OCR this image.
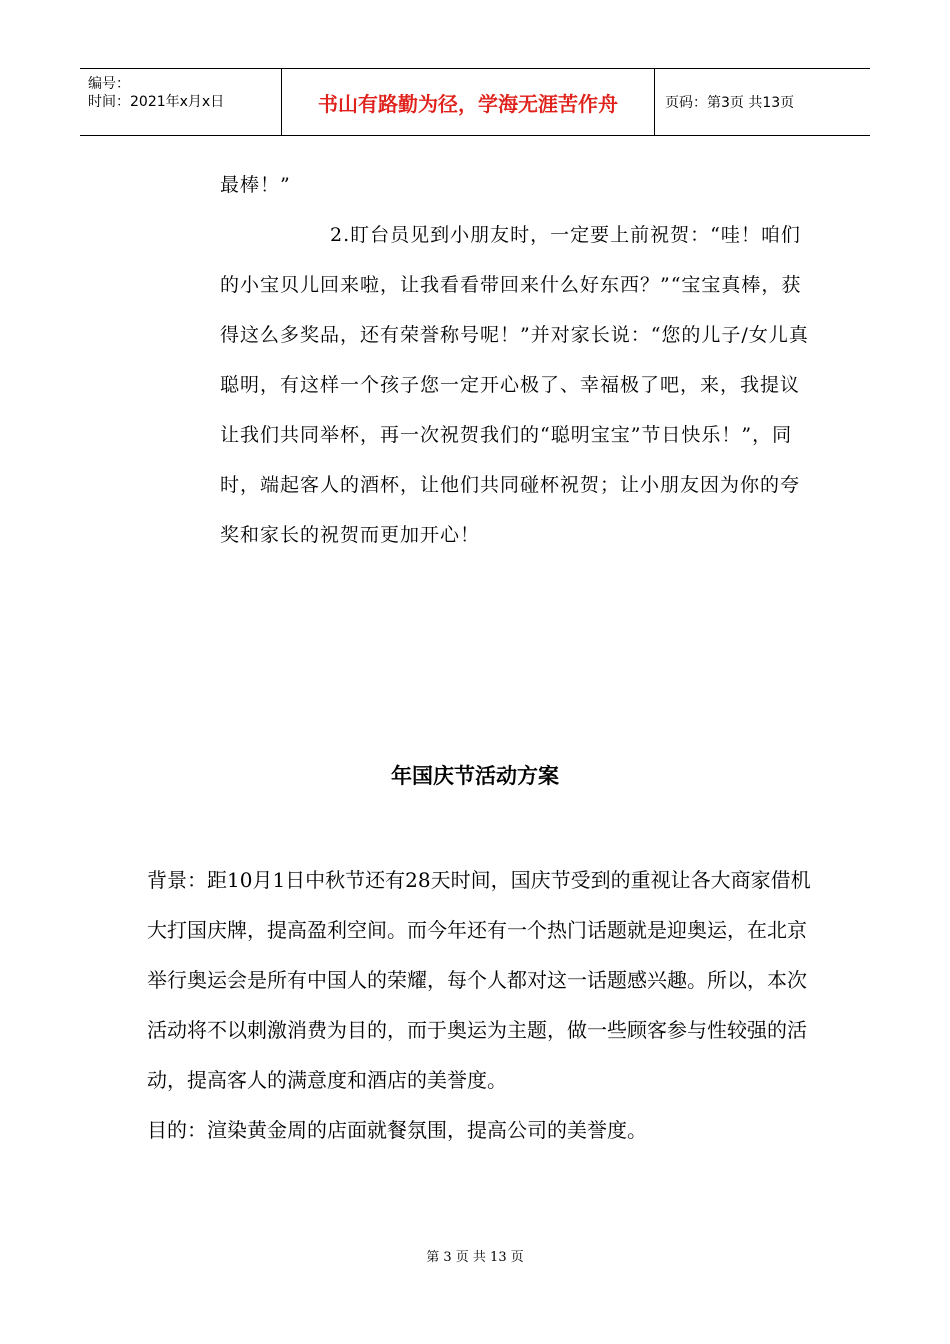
编号：
时间：2021年x月x日	书山有路勤为径，学海无涯苦作舟	页码：第3页 共13页

最棒！”

2.盯台员见到小朋友时，一定要上前祝贺：“哇！咱们的小宝贝儿回来啦，让我看看带回来什么好东西？”“宝宝真棒，获得这么多奖品，还有荣誉称号呢！”并对家长说：“您的儿子/女儿真聪明，有这样一个孩子您一定开心极了、幸福极了吧，来，我提议让我们共同举杯，再一次祝贺我们的“聪明宝宝”节日快乐！”，同时，端起客人的酒杯，让他们共同碰杯祝贺；让小朋友因为你的夸奖和家长的祝贺而更加开心！

年国庆节活动方案

背景：距10月1日中秋节还有28天时间，国庆节受到的重视让各大商家借机大打国庆牌，提高盈利空间。而今年还有一个热门话题就是迎奥运，在北京举行奥运会是所有中国人的荣耀，每个人都对这一话题感兴趣。所以，本次活动将不以刺激消费为目的，而于奥运为主题，做一些顾客参与性较强的活动，提高客人的满意度和酒店的美誉度。

目的：渲染黄金周的店面就餐氛围，提高公司的美誉度。

第 3 页 共 13 页
